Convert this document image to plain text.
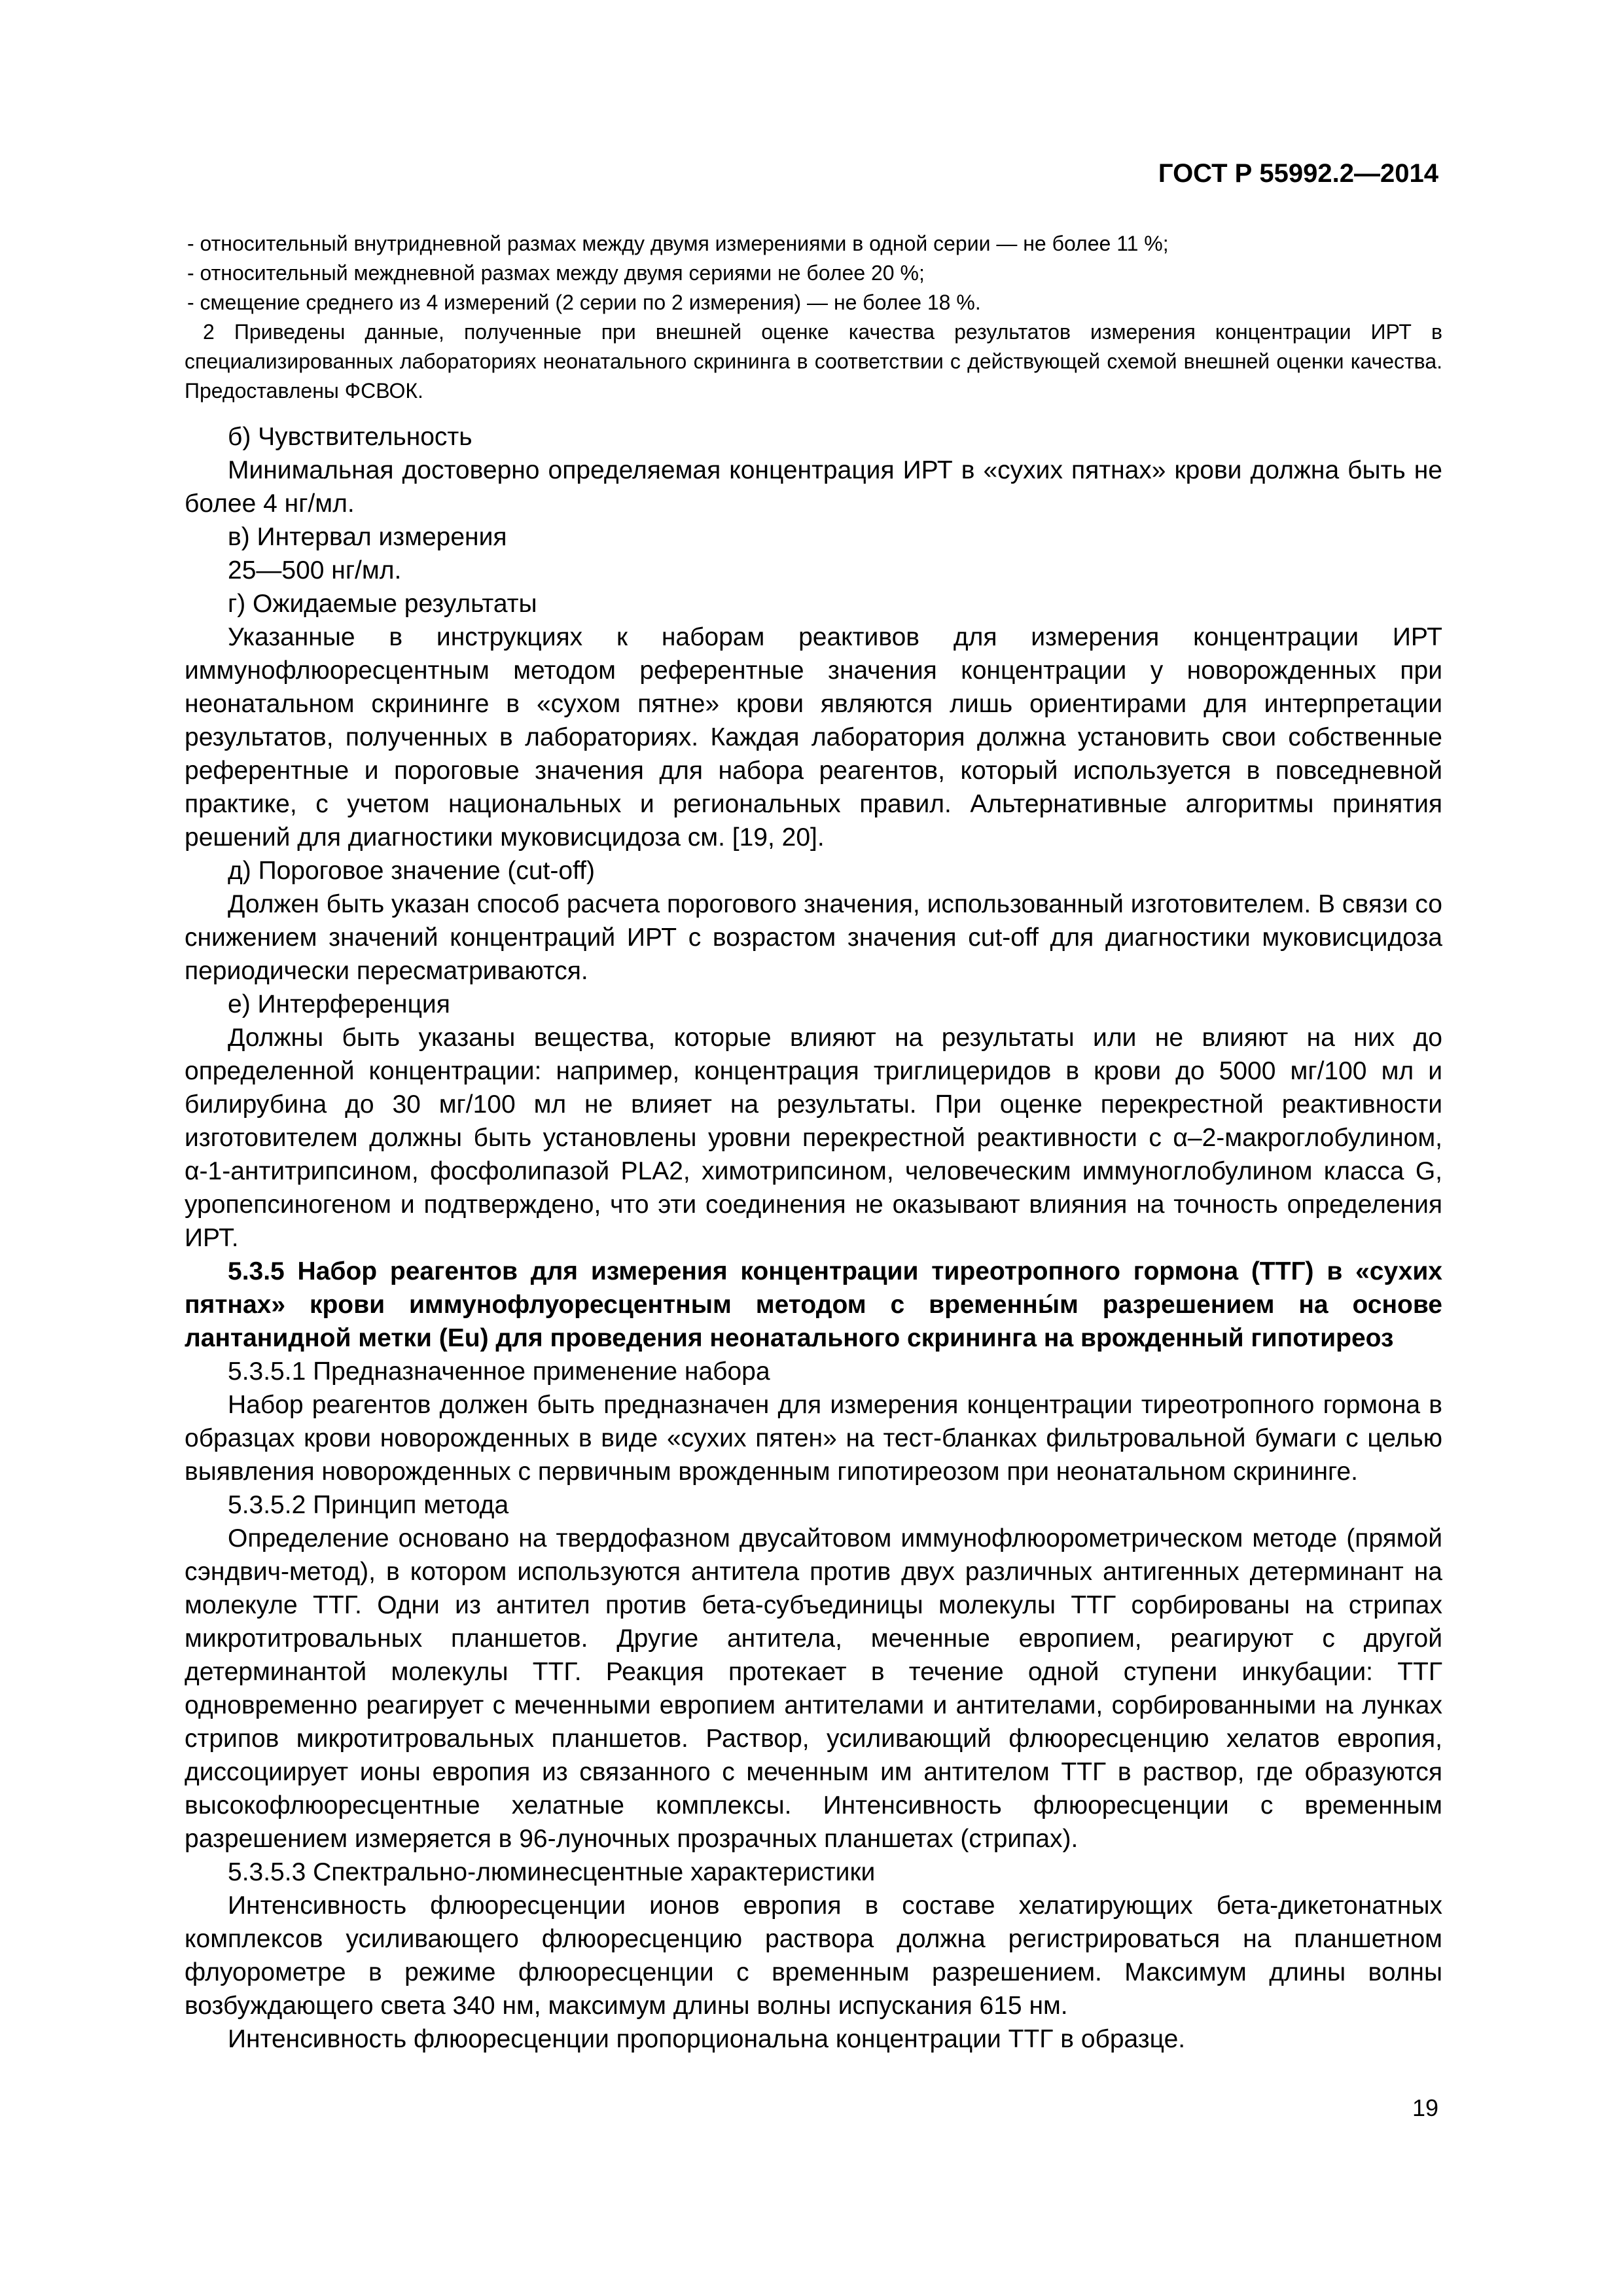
ГОСТ Р 55992.2—2014

- относительный внутридневной размах между двумя измерениями в одной серии — не более 11 %;

- относительный междневной размах между двумя сериями не более 20 %;

- смещение среднего из 4 измерений (2 серии по 2 измерения) — не более 18 %.

2 Приведены данные, полученные при внешней оценке качества результатов измерения концентрации ИРТ в специализированных лабораториях неонатального скрининга в соответствии с действующей схемой внешней оценки качества. Предоставлены ФСВОК.

б) Чувствительность

Минимальная достоверно определяемая концентрация ИРТ в «сухих пятнах» крови должна быть не более 4 нг/мл.

в) Интервал измерения

25—500 нг/мл.

г) Ожидаемые результаты

Указанные в инструкциях к наборам реактивов для измерения концентрации ИРТ иммунофлюоресцентным методом референтные значения концентрации у новорожденных при неонатальном скрининге в «сухом пятне» крови являются лишь ориентирами для интерпретации результатов, полученных в лабораториях. Каждая лаборатория должна установить свои собственные референтные и пороговые значения для набора реагентов, который используется в повседневной практике, с учетом национальных и региональных правил. Альтернативные алгоритмы принятия решений для диагностики муковисцидоза см. [19, 20].

д) Пороговое значение (cut-off)

Должен быть указан способ расчета порогового значения, использованный изготовителем. В связи со снижением значений концентраций ИРТ с возрастом значения cut-off для диагностики муковисцидоза периодически пересматриваются.

е) Интерференция

Должны быть указаны вещества, которые влияют на результаты или не влияют на них до определенной концентрации: например, концентрация триглицеридов в крови до 5000 мг/100 мл и билирубина до 30 мг/100 мл не влияет на результаты. При оценке перекрестной реактивности изготовителем должны быть установлены уровни перекрестной реактивности с α–2-макроглобулином, α-1-антитрипсином, фосфолипазой PLA2, химотрипсином, человеческим иммуноглобулином класса G, уропепсиногеном и подтверждено, что эти соединения не оказывают влияния на точность определения ИРТ.

5.3.5 Набор реагентов для измерения концентрации тиреотропного гормона (ТТГ) в «сухих пятнах» крови иммунофлуоресцентным методом с временны́м разрешением на основе лантанидной метки (Eu) для проведения неонатального скрининга на врожденный гипотиреоз

5.3.5.1 Предназначенное применение набора

Набор реагентов должен быть предназначен для измерения концентрации тиреотропного гормона в образцах крови новорожденных в виде «сухих пятен» на тест-бланках фильтровальной бумаги с целью выявления новорожденных с первичным врожденным гипотиреозом при неонатальном скрининге.

5.3.5.2 Принцип метода

Определение основано на твердофазном двусайтовом иммунофлюорометрическом методе (прямой сэндвич-метод), в котором используются антитела против двух различных антигенных детерминант на молекуле ТТГ. Одни из антител против бета-субъединицы молекулы ТТГ сорбированы на стрипах микротитровальных планшетов. Другие антитела, меченные европием, реагируют с другой детерминантой молекулы ТТГ. Реакция протекает в течение одной ступени инкубации: ТТГ одновременно реагирует с меченными европием антителами и антителами, сорбированными на лунках стрипов микротитровальных планшетов. Раствор, усиливающий флюоресценцию хелатов европия, диссоциирует ионы европия из связанного с меченным им антителом ТТГ в раствор, где образуются высокофлюоресцентные хелатные комплексы. Интенсивность флюоресценции с временным разрешением измеряется в 96-луночных прозрачных планшетах (стрипах).

5.3.5.3 Спектрально-люминесцентные характеристики

Интенсивность флюоресценции ионов европия в составе хелатирующих бета-дикетонатных комплексов усиливающего флюоресценцию раствора должна регистрироваться на планшетном флуорометре в режиме флюоресценции с временным разрешением. Максимум длины волны возбуждающего света 340 нм, максимум длины волны испускания 615 нм.

Интенсивность флюоресценции пропорциональна концентрации ТТГ в образце.

19
